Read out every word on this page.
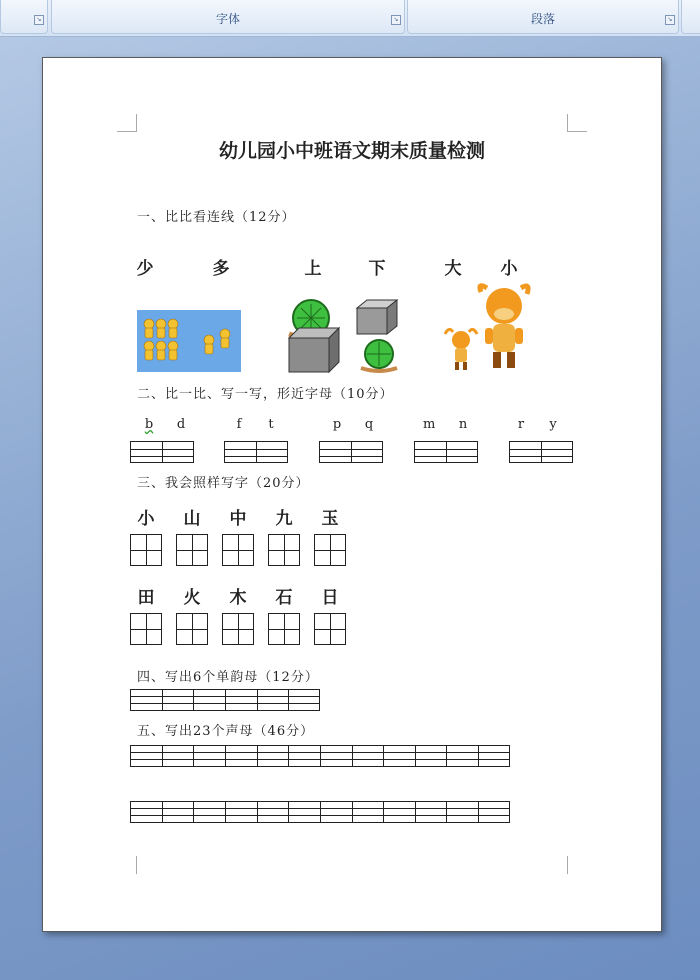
↘	字体	↘	段落	↘
幼儿园小中班语文期末质量检测
一、比比看连线（12分）
少	多	上	下	大 小
二、比一比、写一写，形近字母（10分）
b d	f t	p q	m n	r y
三、我会照样写字（20分）
小 山 中 九 玉
田 火 木 石 日
四、写出6个单韵母（12分）
五、写出23个声母（46分）
